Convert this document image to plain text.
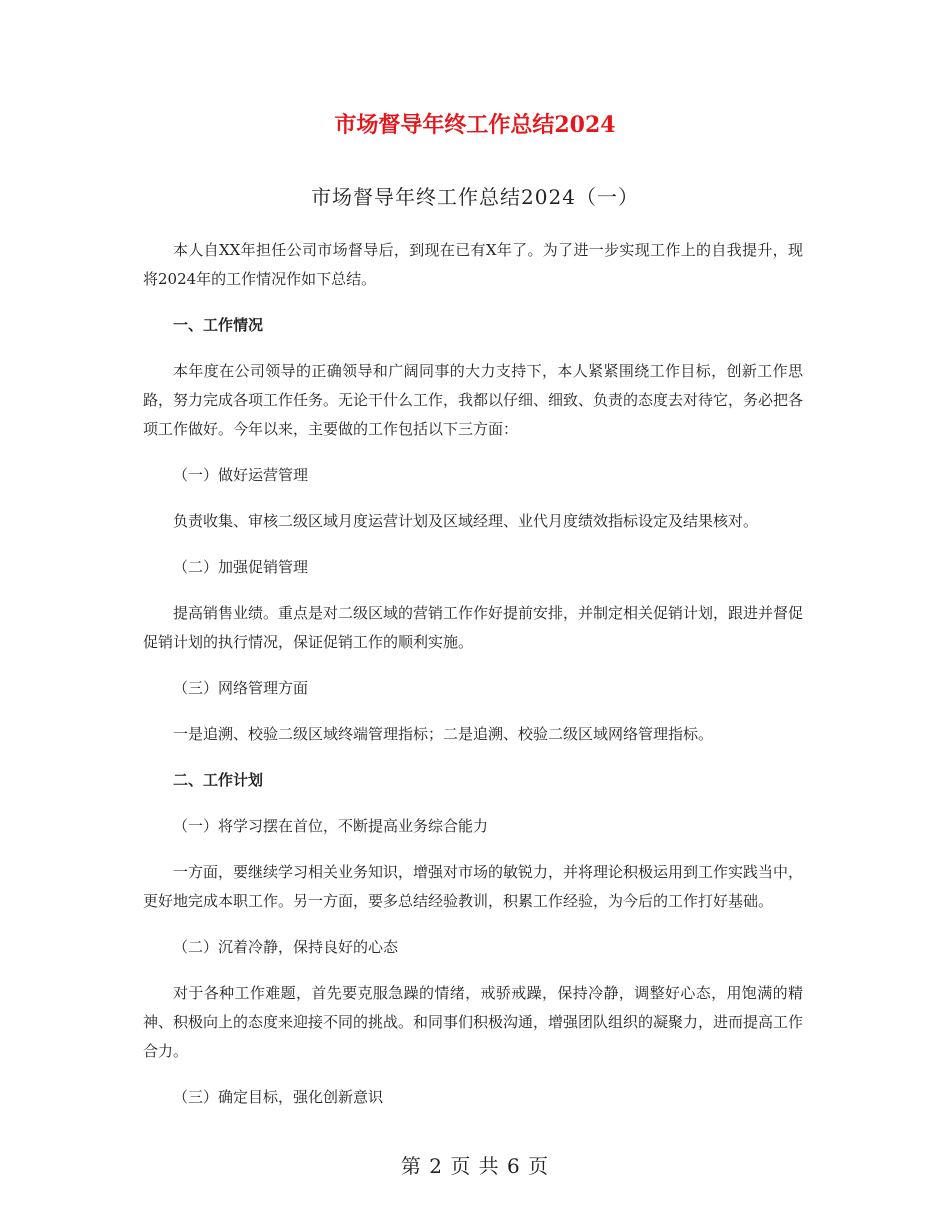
市场督导年终工作总结2024
市场督导年终工作总结2024（一）

本人自XX年担任公司市场督导后，到现在已有X年了。为了进一步实现工作上的自我提升，现将2024年的工作情况作如下总结。

一、工作情况

本年度在公司领导的正确领导和广阔同事的大力支持下，本人紧紧围绕工作目标，创新工作思路，努力完成各项工作任务。无论干什么工作，我都以仔细、细致、负责的态度去对待它，务必把各项工作做好。今年以来，主要做的工作包括以下三方面：

（一）做好运营管理

负责收集、审核二级区域月度运营计划及区域经理、业代月度绩效指标设定及结果核对。

（二）加强促销管理

提高销售业绩。重点是对二级区域的营销工作作好提前安排，并制定相关促销计划，跟进并督促促销计划的执行情况，保证促销工作的顺利实施。

（三）网络管理方面

一是追溯、校验二级区域终端管理指标；二是追溯、校验二级区域网络管理指标。

二、工作计划

（一）将学习摆在首位，不断提高业务综合能力

一方面，要继续学习相关业务知识，增强对市场的敏锐力，并将理论积极运用到工作实践当中，更好地完成本职工作。另一方面，要多总结经验教训，积累工作经验，为今后的工作打好基础。

（二）沉着冷静，保持良好的心态

对于各种工作难题，首先要克服急躁的情绪，戒骄戒躁，保持冷静，调整好心态，用饱满的精神、积极向上的态度来迎接不同的挑战。和同事们积极沟通，增强团队组织的凝聚力，进而提高工作合力。

（三）确定目标，强化创新意识

第 2 页 共 6 页
